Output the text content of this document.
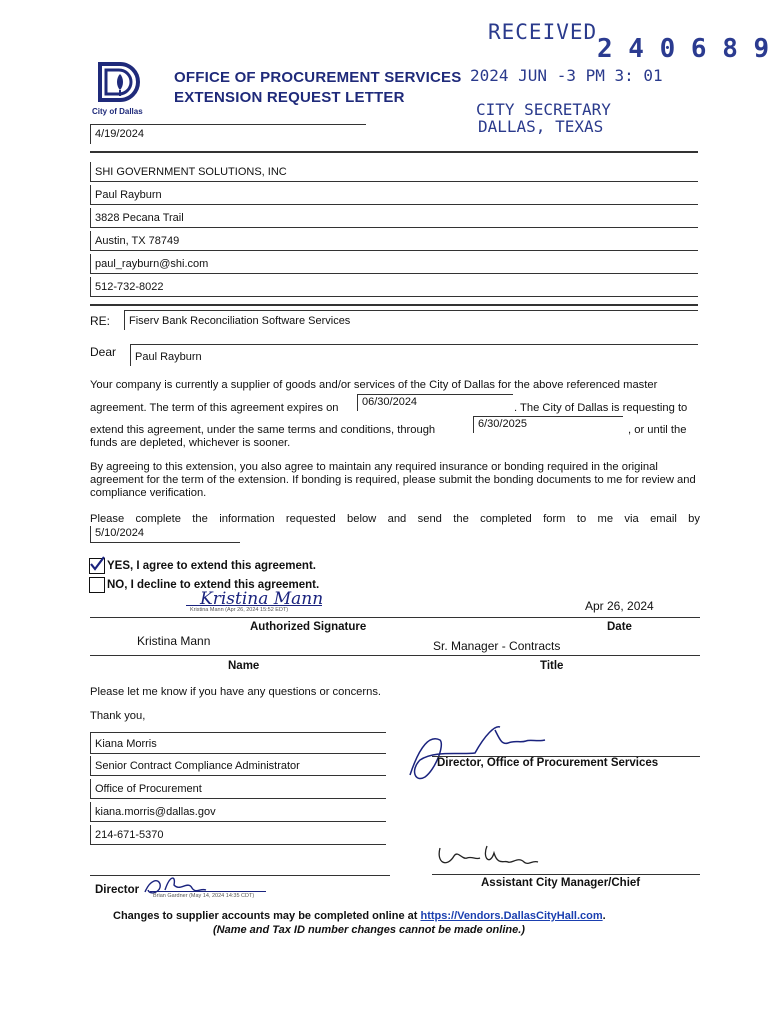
RECEIVED
2 4 0 6 8 9
2024 JUN -3 PM 3: 01
CITY SECRETARY
DALLAS, TEXAS
City of Dallas
OFFICE OF PROCUREMENT SERVICES
EXTENSION REQUEST LETTER
4/19/2024
SHI GOVERNMENT SOLUTIONS, INC
Paul Rayburn
3828 Pecana Trail
Austin, TX 78749
paul_rayburn@shi.com
512-732-8022
RE:	Fiserv Bank Reconciliation Software Services
Dear	Paul Rayburn
Your company is currently a supplier of goods and/or services of the City of Dallas for the above referenced master
agreement. The term of this agreement expires on	06/30/2024	. The City of Dallas is requesting to
extend this agreement, under the same terms and conditions, through	6/30/2025	, or until the
funds are depleted, whichever is sooner.
By agreeing to this extension, you also agree to maintain any required insurance or bonding required in the original agreement for the term of the extension. If bonding is required, please submit the bonding documents to me for review and compliance verification.
Please complete the information requested below and send the completed form to me via email by
5/10/2024
YES, I agree to extend this agreement.
NO, I decline to extend this agreement.
Kristina Mann
Kristina Mann (Apr 26, 2024 15:52 EDT)	Apr 26, 2024
Authorized Signature	Date
Kristina Mann	Sr. Manager - Contracts
Name	Title
Please let me know if you have any questions or concerns.
Thank you,
Kiana Morris
Senior Contract Compliance Administrator
Office of Procurement
kiana.morris@dallas.gov
214-671-5370
Director, Office of Procurement Services
Assistant City Manager/Chief
Director	Brian Gardner (May 14, 2024 14:35 CDT)
Changes to supplier accounts may be completed online at https://Vendors.DallasCityHall.com.
(Name and Tax ID number changes cannot be made online.)
